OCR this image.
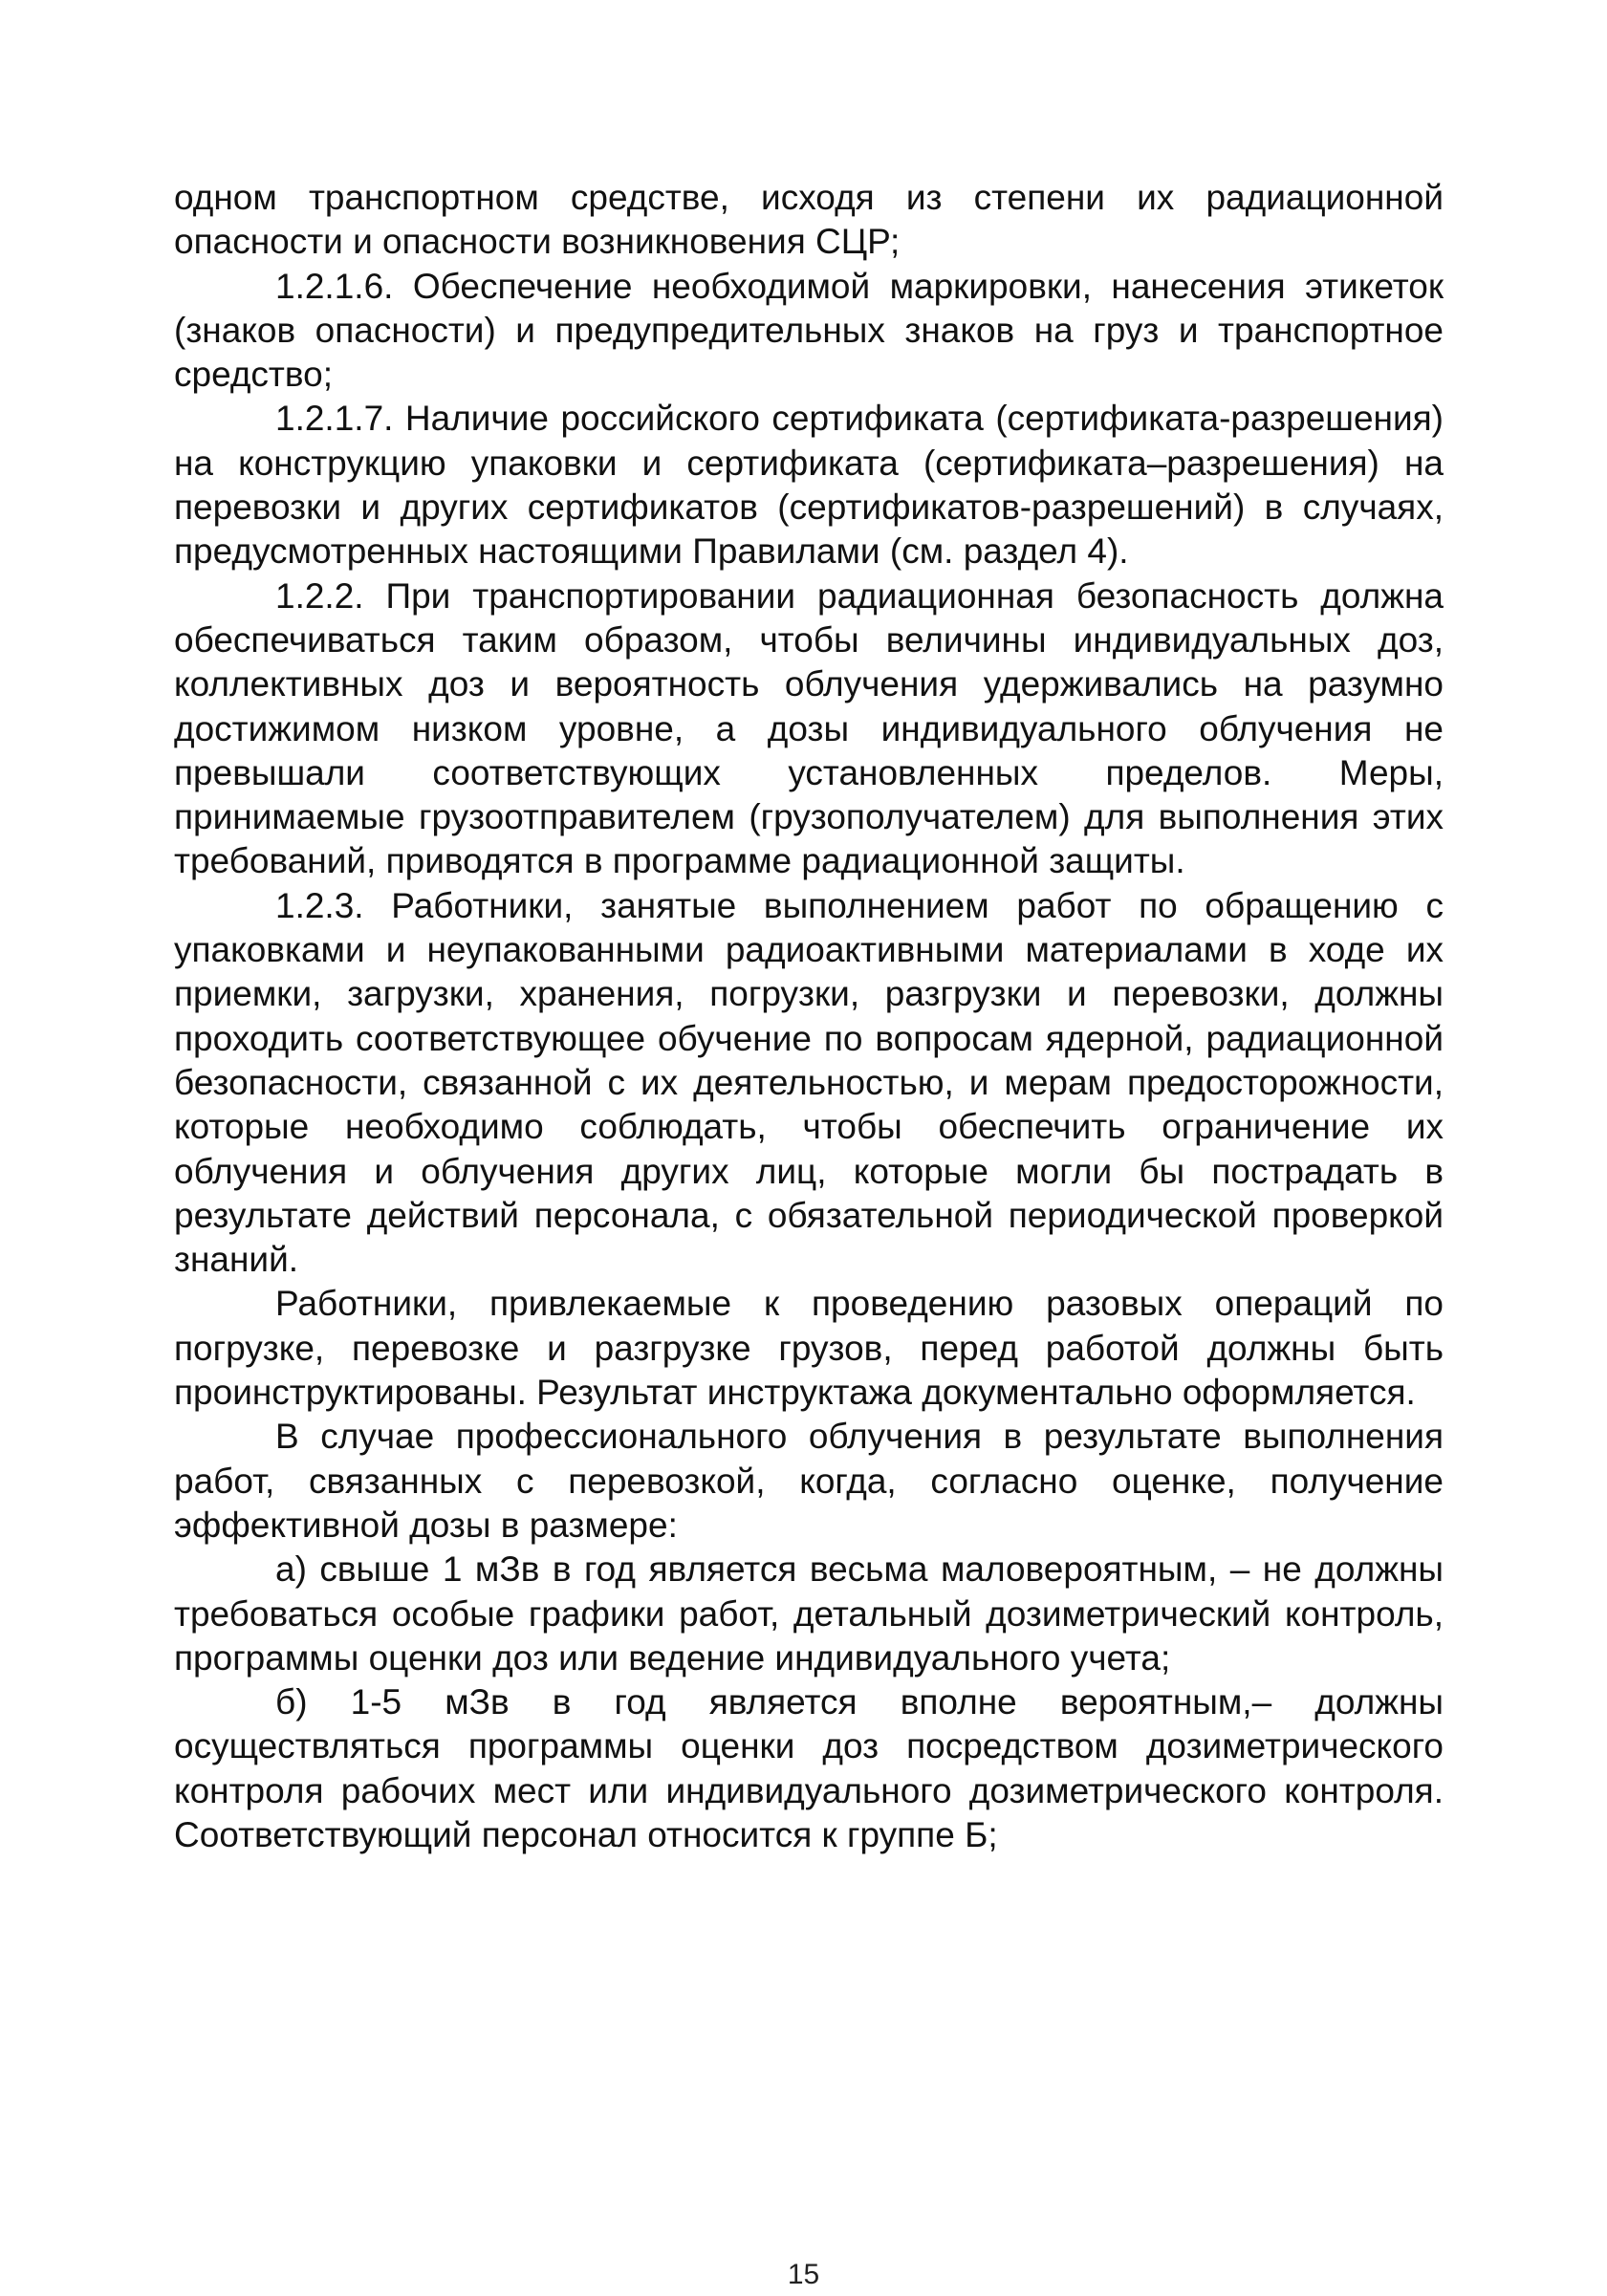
одном транспортном средстве, исходя из степени их радиационной опасности и опасности возникновения СЦР;

1.2.1.6. Обеспечение необходимой маркировки, нанесения этикеток (знаков опасности) и предупредительных знаков на груз и транспортное средство;

1.2.1.7. Наличие российского сертификата (сертификата-разрешения) на конструкцию упаковки и сертификата (сертификата–разрешения) на перевозки и других сертификатов (сертификатов-разрешений) в случаях, предусмотренных настоящими Правилами (см. раздел 4).

1.2.2. При транспортировании радиационная безопасность должна обеспечиваться таким образом, чтобы величины индивидуальных доз, коллективных доз и вероятность облучения удерживались на разумно достижимом низком уровне, а дозы индивидуального облучения не превышали соответствующих установленных пределов. Меры, принимаемые грузоотправителем (грузополучателем) для выполнения этих требований, приводятся в программе радиационной защиты.

1.2.3. Работники, занятые выполнением работ по обращению с упаковками и неупакованными радиоактивными материалами в ходе их приемки, загрузки, хранения, погрузки, разгрузки и перевозки, должны проходить соответствующее обучение по вопросам ядерной, радиационной безопасности, связанной с их деятельностью, и мерам предосторожности, которые необходимо соблюдать, чтобы обеспечить ограничение их облучения и облучения других лиц, которые могли бы пострадать в результате действий персонала, с обязательной периодической проверкой знаний.

Работники, привлекаемые к проведению разовых операций по погрузке, перевозке и разгрузке грузов, перед работой должны быть проинструктированы. Результат инструктажа документально оформляется.

В случае профессионального облучения в результате выполнения работ, связанных с перевозкой, когда, согласно оценке, получение эффективной дозы в размере:

а) свыше 1 мЗв в год является весьма маловероятным, – не должны требоваться особые графики работ, детальный дозиметрический контроль, программы оценки доз или ведение индивидуального учета;

б) 1-5 мЗв в год является вполне вероятным,– должны осуществляться программы оценки доз посредством дозиметрического контроля рабочих мест или индивидуального дозиметрического контроля. Соответствующий персонал относится к группе Б;

15
